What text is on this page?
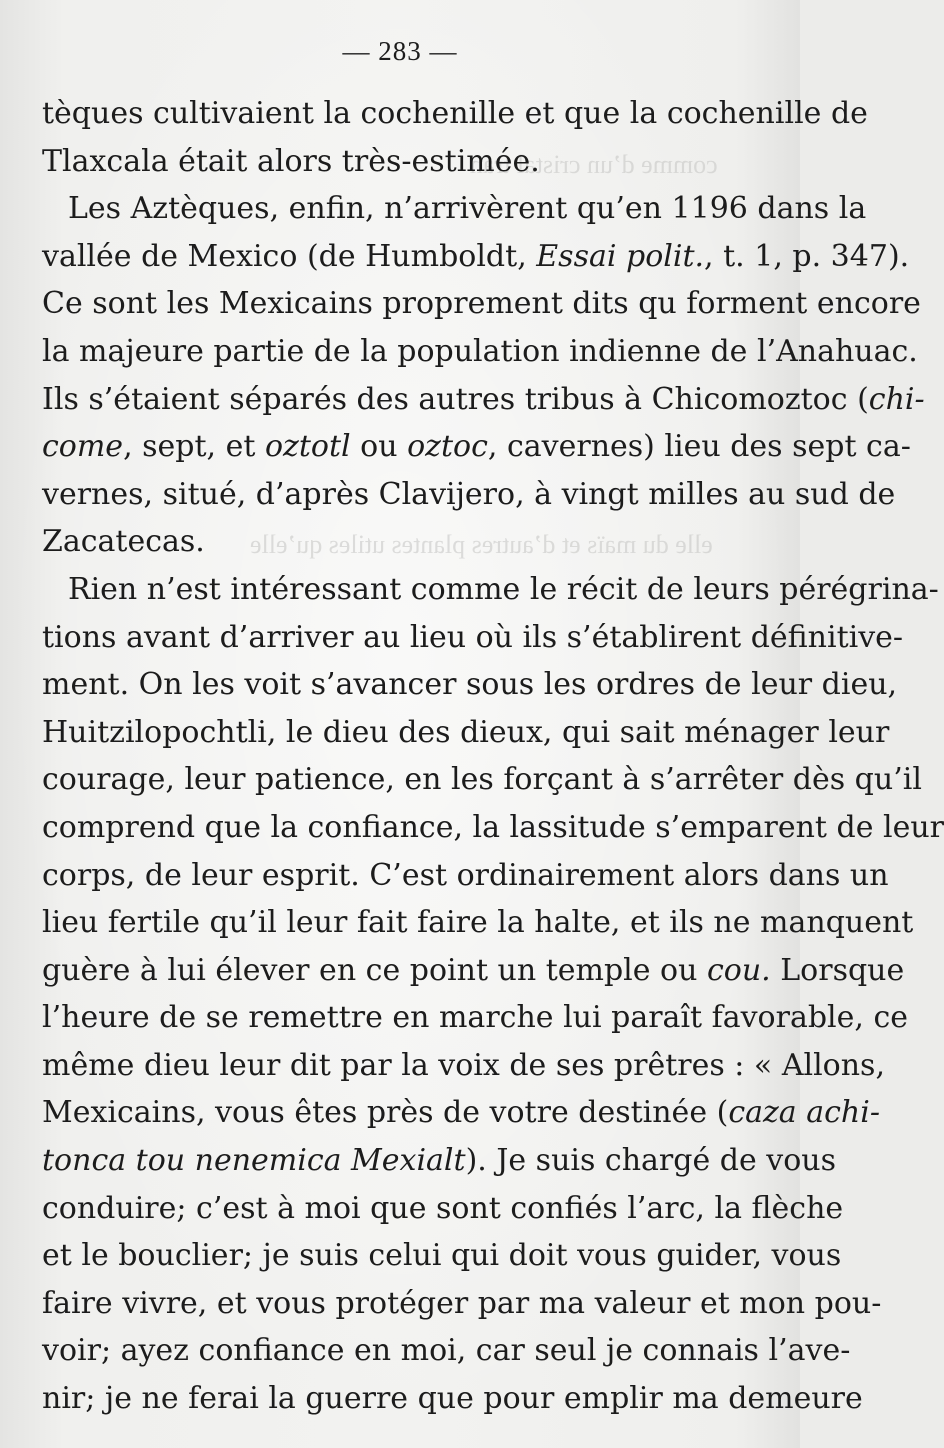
comme d’un cristal tran
elle du maïs et d’autres plantes utiles qu’elle
— 283 —
tèques cultivaient la cochenille et que la cochenille de
Tlaxcala était alors très-estimée.
Les Aztèques, enfin, n’arrivèrent qu’en 1196 dans la
vallée de Mexico (de Humboldt, Essai polit., t. 1, p. 347).
Ce sont les Mexicains proprement dits qu forment encore
la majeure partie de la population indienne de l’Anahuac.
Ils s’étaient séparés des autres tribus à Chicomoztoc (chi-
come, sept, et oztotl ou oztoc, cavernes) lieu des sept ca-
vernes, situé, d’après Clavijero, à vingt milles au sud de
Zacatecas.
Rien n’est intéressant comme le récit de leurs pérégrina-
tions avant d’arriver au lieu où ils s’établirent définitive-
ment. On les voit s’avancer sous les ordres de leur dieu,
Huitzilopochtli, le dieu des dieux, qui sait ménager leur
courage, leur patience, en les forçant à s’arrêter dès qu’il
comprend que la confiance, la lassitude s’emparent de leur
corps, de leur esprit. C’est ordinairement alors dans un
lieu fertile qu’il leur fait faire la halte, et ils ne manquent
guère à lui élever en ce point un temple ou cou. Lorsque
l’heure de se remettre en marche lui paraît favorable, ce
même dieu leur dit par la voix de ses prêtres : « Allons,
Mexicains, vous êtes près de votre destinée (caza achi-
tonca tou nenemica Mexialt). Je suis chargé de vous
conduire; c’est à moi que sont confiés l’arc, la flèche
et le bouclier; je suis celui qui doit vous guider, vous
faire vivre, et vous protéger par ma valeur et mon pou-
voir; ayez confiance en moi, car seul je connais l’ave-
nir; je ne ferai la guerre que pour emplir ma demeure
